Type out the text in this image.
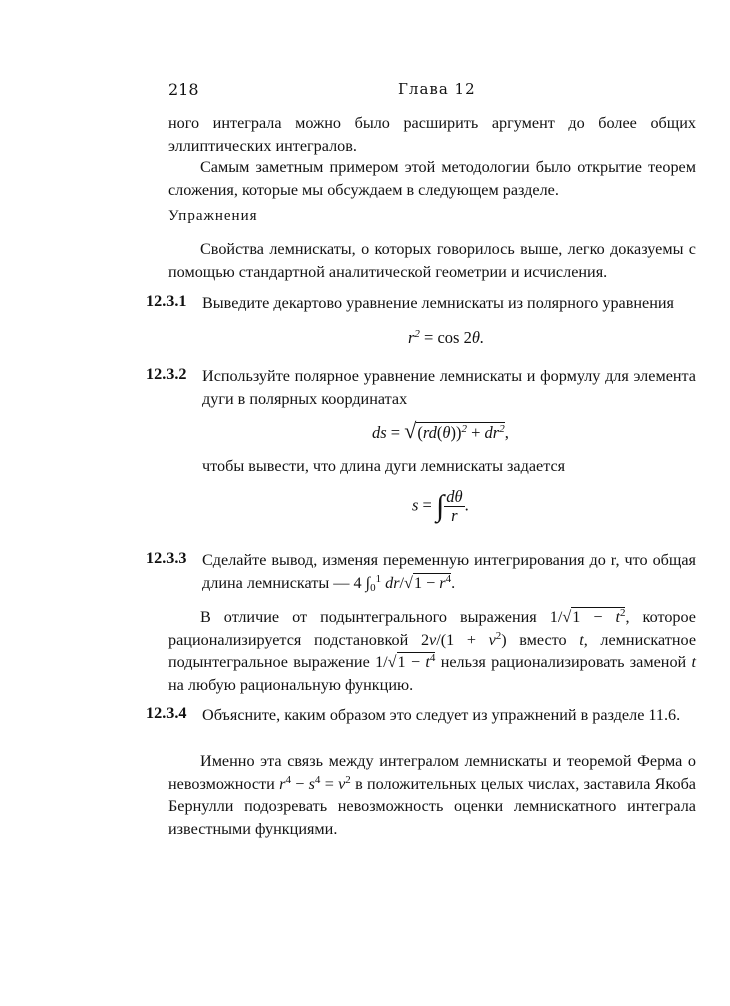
218	Глава 12
ного интеграла можно было расширить аргумент до более общих эллиптических интегралов.
Самым заметным примером этой методологии было открытие теорем сложения, которые мы обсуждаем в следующем разделе.
Упражнения
Свойства лемнискаты, о которых говорилось выше, легко доказуемы с помощью стандартной аналитической геометрии и исчисления.
12.3.1 Выведите декартово уравнение лемнискаты из полярного уравнения
$r^2 = \cos 2\theta$.
12.3.2 Используйте полярное уравнение лемнискаты и формулу для элемента дуги в полярных координатах
ds = $√(rd(\theta))^2 + dr^2$,
чтобы вывести, что длина дуги лемнискаты задается
s = ∫ $\frac{d\theta}{r}$ .
12.3.3 Сделайте вывод, изменяя переменную интегрирования до r, что общая длина лемнискаты — 4 $\int_0^1$ $dr/√1 - r^4$.
В отличие от подынтегрального выражения $1/√1 - t^2$, которое рационализируется подстановкой $2v/(1 + v^2)$ вместо t, лемнискатное подынтегральное выражение $1/√1 - t^4$ нельзя рационализировать заменой t на любую рациональную функцию.
12.3.4 Объясните, каким образом это следует из упражнений в разделе 11.6.
Именно эта связь между интегралом лемнискаты и теоремой Ферма о невозможности $r^4 - s^4 = v^2$ в положительных целых числах, заставила Якоба Бернулли подозревать невозможность оценки лемнискатного интеграла известными функциями.
